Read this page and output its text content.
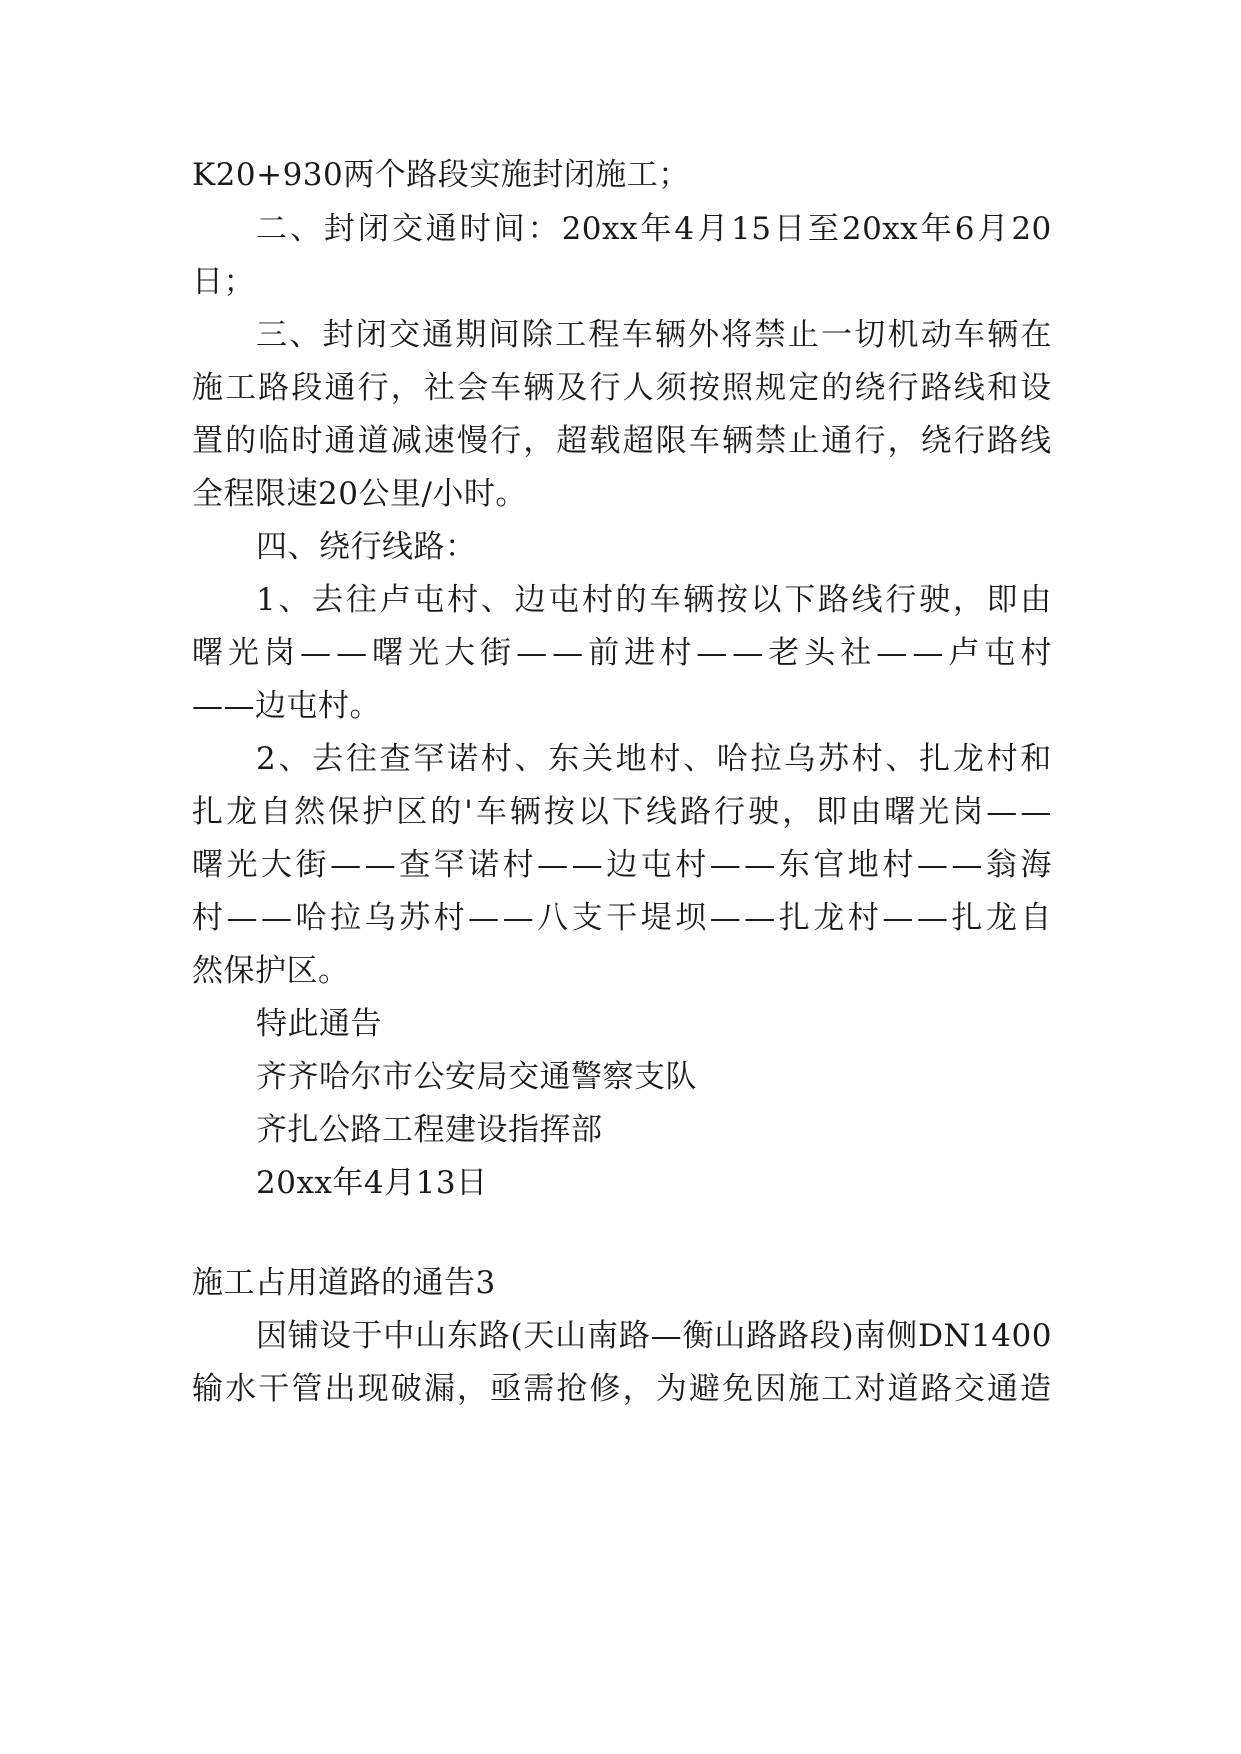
K20+930两个路段实施封闭施工；
二 、 封 闭 交 通 时 间 ： 20xx 年 4 月 15 日 至 20xx 年 6 月 20
日；
三 、 封 闭 交 通 期 间 除 工 程 车 辆 外 将 禁 止 一 切 机 动 车 辆 在
施 工 路 段 通 行 ， 社 会 车 辆 及 行 人 须 按 照 规 定 的 绕 行 路 线 和 设
置 的 临 时 通 道 减 速 慢 行 ， 超 载 超 限 车 辆 禁 止 通 行 ， 绕 行 路 线
全程限速20公里/小时。
四、绕行线路：
1 、 去 往 卢 屯 村 、 边 屯 村 的 车 辆 按 以 下 路 线 行 驶 ， 即 由
曙 光 岗 — — 曙 光 大 街 — — 前 进 村 — — 老 头 社 — — 卢 屯 村
——边屯村。
2 、 去 往 查 罕 诺 村 、 东 关 地 村 、 哈 拉 乌 苏 村 、 扎 龙 村 和
扎 龙 自 然 保 护 区 的 ' 车 辆 按 以 下 线 路 行 驶 ， 即 由 曙 光 岗 — —
曙 光 大 街 — — 查 罕 诺 村 — — 边 屯 村 — — 东 官 地 村 — — 翁 海
村 — — 哈 拉 乌 苏 村 — — 八 支 干 堤 坝 — — 扎 龙 村 — — 扎 龙 自
然保护区。
特此通告
齐齐哈尔市公安局交通警察支队
齐扎公路工程建设指挥部
20xx年4月13日
施工占用道路的通告3
因 铺 设 于 中 山 东 路 ( 天 山 南 路 — 衡 山 路 路 段 ) 南 侧 DN1400
输 水 干 管 出 现 破 漏 ， 亟 需 抢 修 ， 为 避 免 因 施 工 对 道 路 交 通 造
